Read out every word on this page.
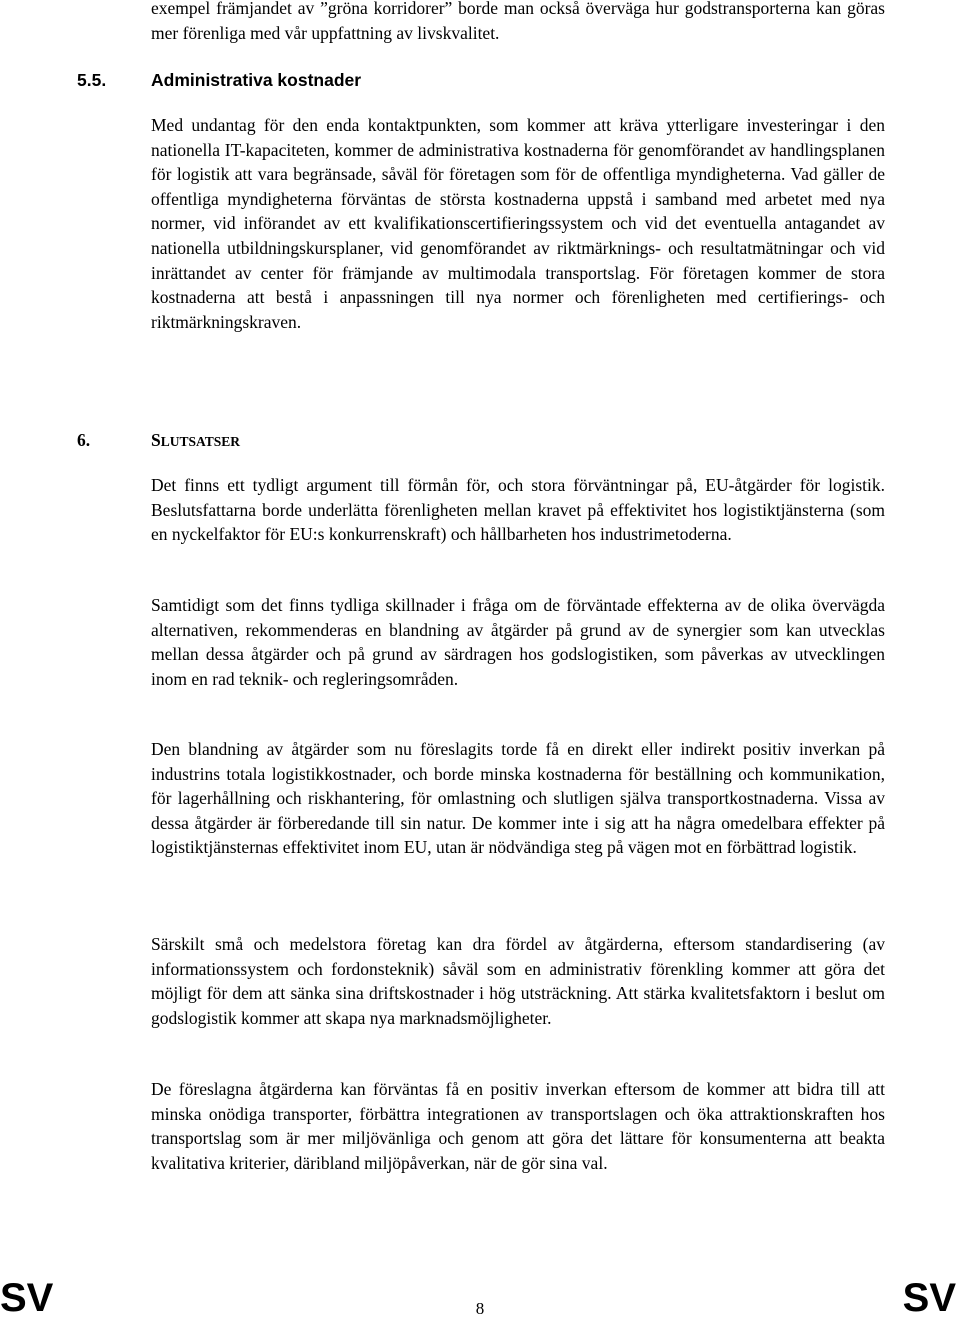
exempel främjandet av ”gröna korridorer” borde man också överväga hur godstransporterna kan göras mer förenliga med vår uppfattning av livskvalitet.

5.5.	Administrativa kostnader

Med undantag för den enda kontaktpunkten, som kommer att kräva ytterligare investeringar i den nationella IT-kapaciteten, kommer de administrativa kostnaderna för genomförandet av handlingsplanen för logistik att vara begränsade, såväl för företagen som för de offentliga myndigheterna. Vad gäller de offentliga myndigheterna förväntas de största kostnaderna uppstå i samband med arbetet med nya normer, vid införandet av ett kvalifikationscertifieringssystem och vid det eventuella antagandet av nationella utbildningskursplaner, vid genomförandet av riktmärknings- och resultatmätningar och vid inrättandet av center för främjande av multimodala transportslag. För företagen kommer de stora kostnaderna att bestå i anpassningen till nya normer och förenligheten med certifierings- och riktmärkningskraven.

6.	SLUTSATSER

Det finns ett tydligt argument till förmån för, och stora förväntningar på, EU-åtgärder för logistik. Beslutsfattarna borde underlätta förenligheten mellan kravet på effektivitet hos logistiktjänsterna (som en nyckelfaktor för EU:s konkurrenskraft) och hållbarheten hos industrimetoderna.

Samtidigt som det finns tydliga skillnader i fråga om de förväntade effekterna av de olika övervägda alternativen, rekommenderas en blandning av åtgärder på grund av de synergier som kan utvecklas mellan dessa åtgärder och på grund av särdragen hos godslogistiken, som påverkas av utvecklingen inom en rad teknik- och regleringsområden.

Den blandning av åtgärder som nu föreslagits torde få en direkt eller indirekt positiv inverkan på industrins totala logistikkostnader, och borde minska kostnaderna för beställning och kommunikation, för lagerhållning och riskhantering, för omlastning och slutligen själva transportkostnaderna. Vissa av dessa åtgärder är förberedande till sin natur. De kommer inte i sig att ha några omedelbara effekter på logistiktjänsternas effektivitet inom EU, utan är nödvändiga steg på vägen mot en förbättrad logistik.

Särskilt små och medelstora företag kan dra fördel av åtgärderna, eftersom standardisering (av informationssystem och fordonsteknik) såväl som en administrativ förenkling kommer att göra det möjligt för dem att sänka sina driftskostnader i hög utsträckning. Att stärka kvalitetsfaktorn i beslut om godslogistik kommer att skapa nya marknadsmöjligheter.

De föreslagna åtgärderna kan förväntas få en positiv inverkan eftersom de kommer att bidra till att minska onödiga transporter, förbättra integrationen av transportslagen och öka attraktionskraften hos transportslag som är mer miljövänliga och genom att göra det lättare för konsumenterna att beakta kvalitativa kriterier, däribland miljöpåverkan, när de gör sina val.

SV	8	SV
